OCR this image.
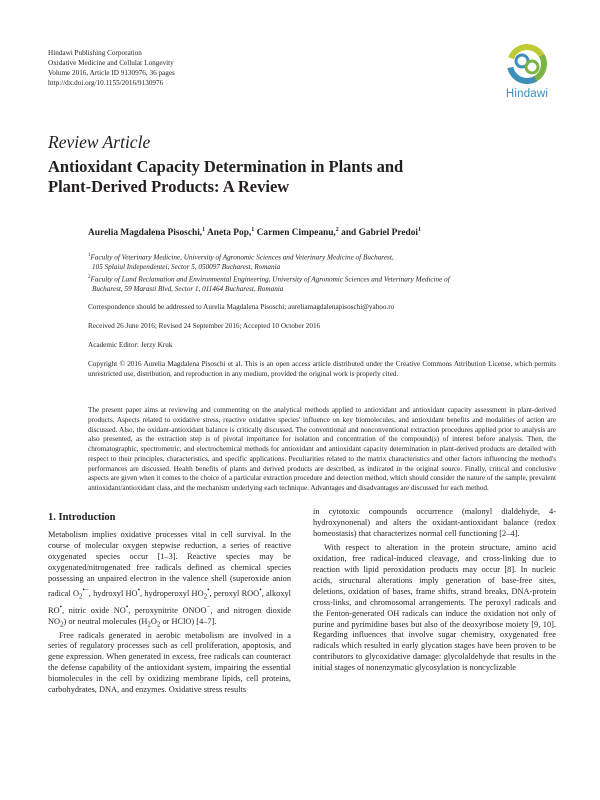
Hindawi Publishing Corporation
Oxidative Medicine and Cellular Longevity
Volume 2016, Article ID 9130976, 36 pages
http://dx.doi.org/10.1155/2016/9130976
Hindawi
Review Article
Antioxidant Capacity Determination in Plants and
Plant-Derived Products: A Review
Aurelia Magdalena Pisoschi,$^1$ Aneta Pop,$^1$ Carmen Cimpeanu,$^2$ and Gabriel Predoi$^1$
$^1$Faculty of Veterinary Medicine, University of Agronomic Sciences and Veterinary Medicine of Bucharest,
105 Splaiul Independentei, Sector 5, 050097 Bucharest, Romania
$^2$Faculty of Land Reclamation and Environmental Engineering, University of Agronomic Sciences and Veterinary Medicine of
Bucharest, 59 Marasti Blvd, Sector 1, 011464 Bucharest, Romania
Correspondence should be addressed to Aurelia Magdalena Pisoschi; aureliamagdalenapisoschi@yahoo.ro
Received 26 June 2016; Revised 24 September 2016; Accepted 10 October 2016
Academic Editor: Jerzy Kruk
Copyright © 2016 Aurelia Magdalena Pisoschi et al. This is an open access article distributed under the Creative Commons Attribution License, which permits unrestricted use, distribution, and reproduction in any medium, provided the original work is properly cited.
The present paper aims at reviewing and commenting on the analytical methods applied to antioxidant and antioxidant capacity assessment in plant-derived products. Aspects related to oxidative stress, reactive oxidative species' influence on key biomolecules, and antioxidant benefits and modalities of action are discussed. Also, the oxidant-antioxidant balance is critically discussed. The conventional and nonconventional extraction procedures applied prior to analysis are also presented, as the extraction step is of pivotal importance for isolation and concentration of the compound(s) of interest before analysis. Then, the chromatographic, spectrometric, and electrochemical methods for antioxidant and antioxidant capacity determination in plant-derived products are detailed with respect to their principles, characteristics, and specific applications. Peculiarities related to the matrix characteristics and other factors influencing the method's performances are discussed. Health benefits of plants and derived products are described, as indicated in the original source. Finally, critical and conclusive aspects are given when it comes to the choice of a particular extraction procedure and detection method, which should consider the nature of the sample, prevalent antioxidant/antioxidant class, and the mechanism underlying each technique. Advantages and disadvantages are discussed for each method.
1. Introduction

Metabolism implies oxidative processes vital in cell survival. In the course of molecular oxygen stepwise reduction, a series of reactive oxygenated species occur [1–3]. Reactive species may be oxygenated/nitrogenated free radicals defined as chemical species possessing an unpaired electron in the valence shell (superoxide anion radical $O_2^{•-}$, hydroxyl HO•, hydroperoxyl $HO_2^•$, peroxyl ROO•, alkoxyl RO•, nitric oxide NO•, peroxynitrite ONOO−, and nitrogen dioxide $NO_2$) or neutral molecules ($H_2O_2$ or HClO) [4–7].

Free radicals generated in aerobic metabolism are involved in a series of regulatory processes such as cell proliferation, apoptosis, and gene expression. When generated in excess, free radicals can counteract the defense capability of the antioxidant system, impairing the essential biomolecules in the cell by oxidizing membrane lipids, cell proteins, carbohydrates, DNA, and enzymes. Oxidative stress results

in cytotoxic compounds occurrence (malonyl dialdehyde, 4-hydroxynonenal) and alters the oxidant-antioxidant balance (redox homeostasis) that characterizes normal cell functioning [2–4].

With respect to alteration in the protein structure, amino acid oxidation, free radical-induced cleavage, and cross-linking due to reaction with lipid peroxidation products may occur [8]. In nucleic acids, structural alterations imply generation of base-free sites, deletions, oxidation of bases, frame shifts, strand breaks, DNA-protein cross-links, and chromosomal arrangements. The peroxyl radicals and the Fenton-generated OH radicals can induce the oxidation not only of purine and pyrimidine bases but also of the deoxyribose moiety [9, 10]. Regarding influences that involve sugar chemistry, oxygenated free radicals which resulted in early glycation stages have been proven to be contributors to glycoxidative damage: glycolaldehyde that results in the initial stages of nonenzymatic glycosylation is noncyclizable
